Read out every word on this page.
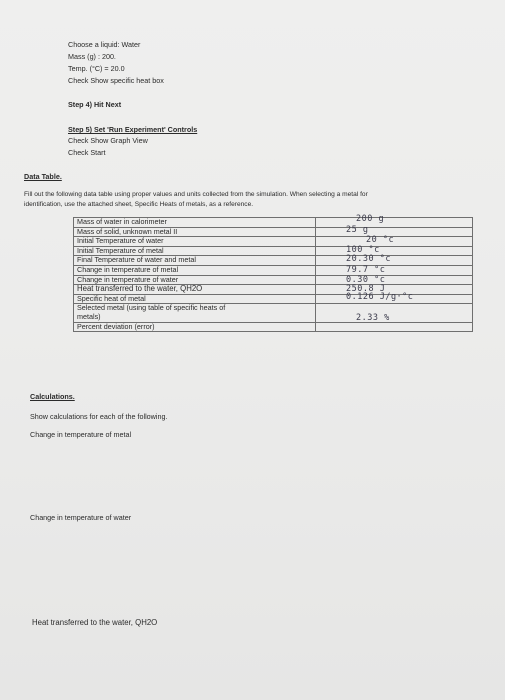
Choose a liquid: Water
Mass (g) : 200.
Temp. (°C) = 20.0
Check Show specific heat box
Step 4) Hit Next
Step 5) Set 'Run Experiment' Controls
Check Show Graph View
Check Start
Data Table.
Fill out the following data table using proper values and units collected from the simulation. When selecting a metal for
identification, use the attached sheet, Specific Heats of metals, as a reference.
Mass of water in calorimeter	200 g

Mass of solid, unknown metal II	25 g

Initial Temperature of water	20 °c

Initial Temperature of metal	100 °c

Final Temperature of water and metal	20.30 °c

Change in temperature of metal	79.7 °c

Change in temperature of water	0.30 °c

Heat transferred to the water, QH2O	250.8 J

Specific heat of metal	0.126 J/g·°c

Selected metal (using table of specific heats of
metals)	

Percent deviation (error)	2.33 %
Calculations.
Show calculations for each of the following.
Change in temperature of metal
Change in temperature of water
Heat transferred to the water, QH2O
